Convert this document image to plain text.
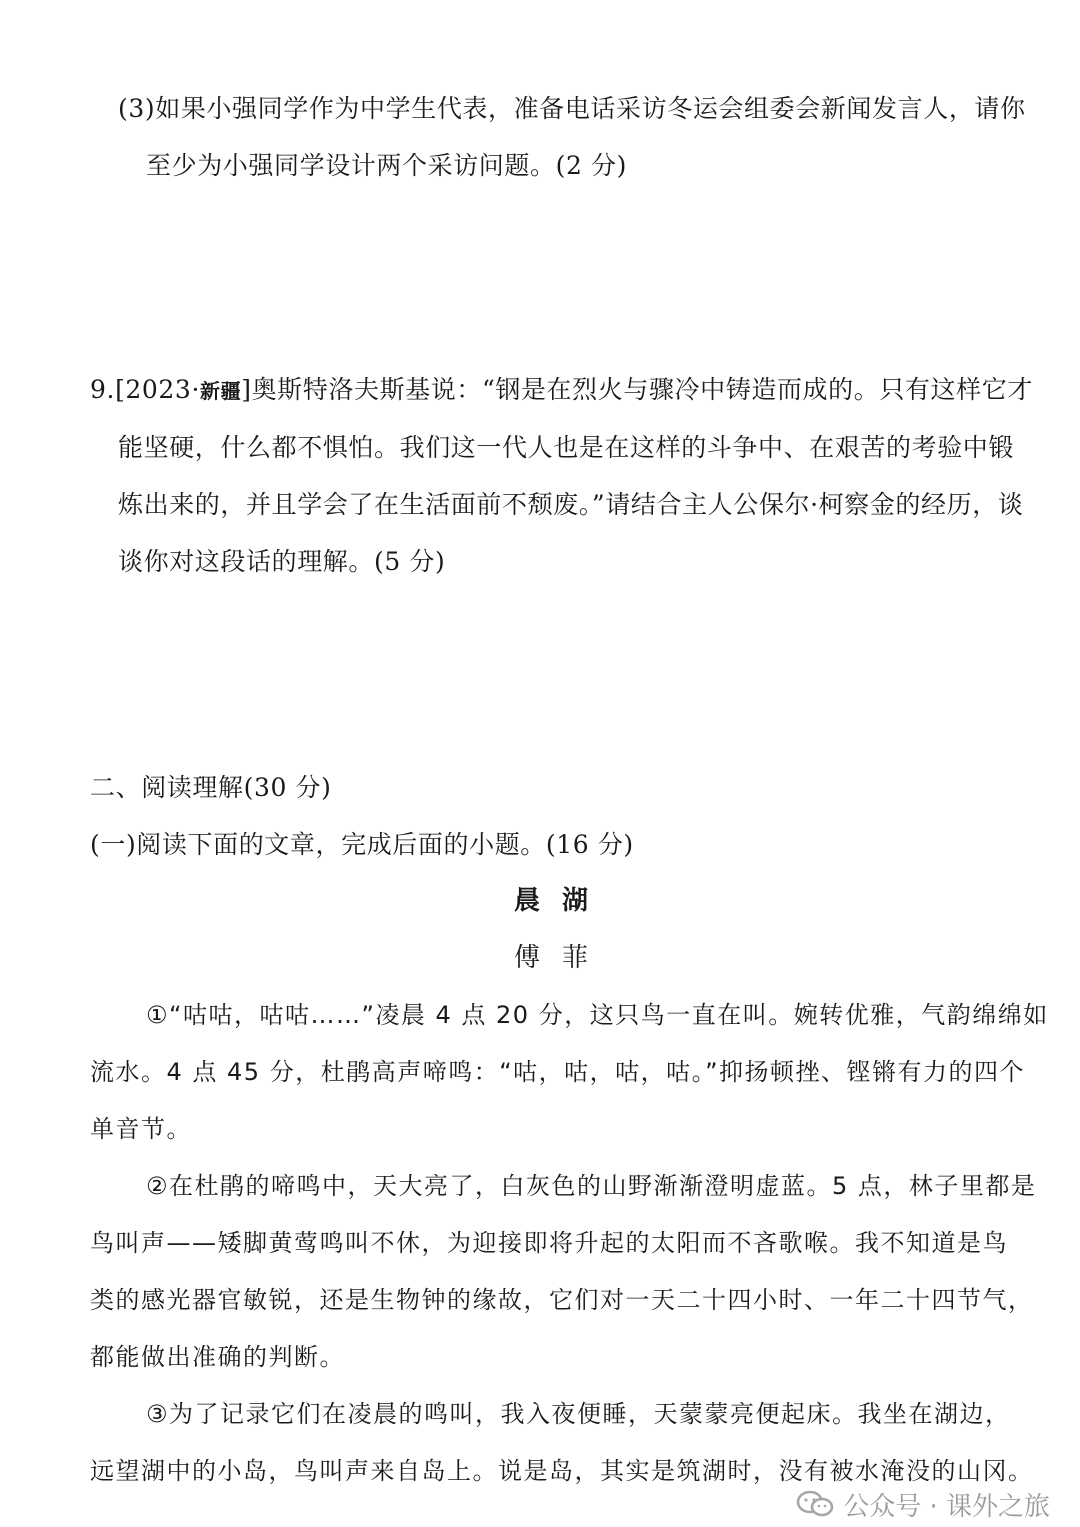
(3)如果小强同学作为中学生代表，准备电话采访冬运会组委会新闻发言人，请你
至少为小强同学设计两个采访问题。(2 分)
9.[2023·新疆]奥斯特洛夫斯基说：“钢是在烈火与骤冷中铸造而成的。只有这样它才
能坚硬，什么都不惧怕。我们这一代人也是在这样的斗争中、在艰苦的考验中锻
炼出来的，并且学会了在生活面前不颓废。”请结合主人公保尔·柯察金的经历，谈
谈你对这段话的理解。(5 分)
二、阅读理解(30 分)
(一)阅读下面的文章，完成后面的小题。(16 分)
晨湖
傅菲
①“咕咕，咕咕……”凌晨 4 点 20 分，这只鸟一直在叫。婉转优雅，气韵绵绵如
流水。4 点 45 分，杜鹃高声啼鸣：“咕，咕，咕，咕。”抑扬顿挫、铿锵有力的四个
单音节。
②在杜鹃的啼鸣中，天大亮了，白灰色的山野渐渐澄明虚蓝。5 点，林子里都是
鸟叫声——矮脚黄莺鸣叫不休，为迎接即将升起的太阳而不吝歌喉。我不知道是鸟
类的感光器官敏锐，还是生物钟的缘故，它们对一天二十四小时、一年二十四节气，
都能做出准确的判断。
③为了记录它们在凌晨的鸣叫，我入夜便睡，天蒙蒙亮便起床。我坐在湖边，
远望湖中的小岛，鸟叫声来自岛上。说是岛，其实是筑湖时，没有被水淹没的山冈。
公众号 · 课外之旅
